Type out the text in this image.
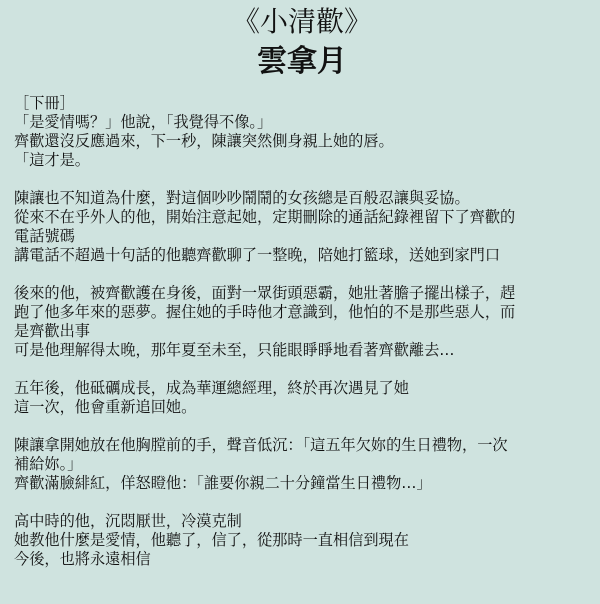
《小清歡》
雲拿月
［下冊］
「是愛情嗎？」他說，「我覺得不像。」
齊歡還沒反應過來，下一秒，陳讓突然側身親上她的唇。
「這才是。
陳讓也不知道為什麼，對這個吵吵鬧鬧的女孩總是百般忍讓與妥協。
從來不在乎外人的他，開始注意起她，定期刪除的通話紀錄裡留下了齊歡的
電話號碼
講電話不超過十句話的他聽齊歡聊了一整晚，陪她打籃球，送她到家門口
後來的他，被齊歡護在身後，面對一眾街頭惡霸，她壯著膽子擺出樣子，趕
跑了他多年來的惡夢。握住她的手時他才意識到，他怕的不是那些惡人，而
是齊歡出事
可是他理解得太晚，那年夏至未至，只能眼睜睜地看著齊歡離去…
五年後，他砥礪成長，成為華運總經理，終於再次遇見了她
這一次，他會重新追回她。
陳讓拿開她放在他胸膛前的手，聲音低沉：「這五年欠妳的生日禮物，一次
補給妳。」
齊歡滿臉緋紅，佯怒瞪他：「誰要你親二十分鐘當生日禮物…」
高中時的他，沉悶厭世，冷漠克制
她教他什麼是愛情，他聽了，信了，從那時一直相信到現在
今後，也將永遠相信
